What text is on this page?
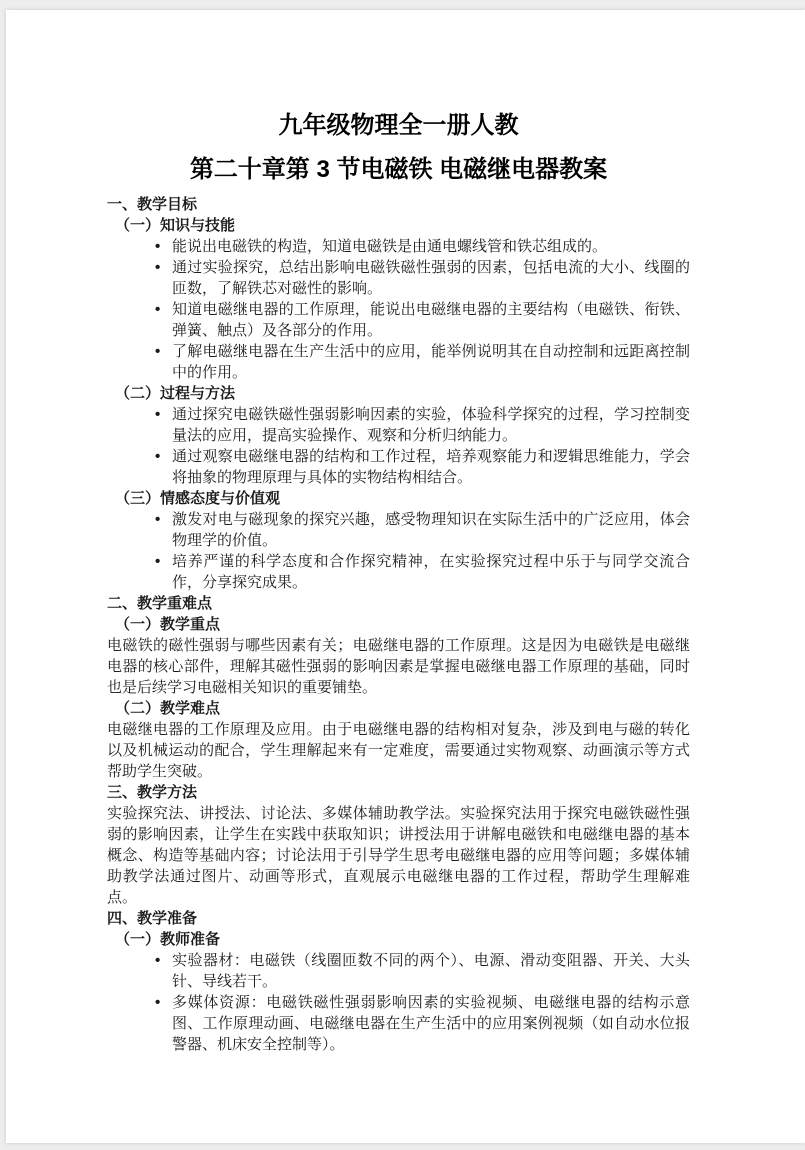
九年级物理全一册人教
第二十章第 3 节电磁铁 电磁继电器教案
一、教学目标
（一）知识与技能
• 能说出电磁铁的构造，知道电磁铁是由通电螺线管和铁芯组成的。
• 通过实验探究，总结出影响电磁铁磁性强弱的因素，包括电流的大小、线圈的匝数，了解铁芯对磁性的影响。
• 知道电磁继电器的工作原理，能说出电磁继电器的主要结构（电磁铁、衔铁、弹簧、触点）及各部分的作用。
• 了解电磁继电器在生产生活中的应用，能举例说明其在自动控制和远距离控制中的作用。
（二）过程与方法
• 通过探究电磁铁磁性强弱影响因素的实验，体验科学探究的过程，学习控制变量法的应用，提高实验操作、观察和分析归纳能力。
• 通过观察电磁继电器的结构和工作过程，培养观察能力和逻辑思维能力，学会将抽象的物理原理与具体的实物结构相结合。
（三）情感态度与价值观
• 激发对电与磁现象的探究兴趣，感受物理知识在实际生活中的广泛应用，体会物理学的价值。
• 培养严谨的科学态度和合作探究精神，在实验探究过程中乐于与同学交流合作，分享探究成果。
二、教学重难点
（一）教学重点
电磁铁的磁性强弱与哪些因素有关；电磁继电器的工作原理。这是因为电磁铁是电磁继电器的核心部件，理解其磁性强弱的影响因素是掌握电磁继电器工作原理的基础，同时也是后续学习电磁相关知识的重要铺垫。
（二）教学难点
电磁继电器的工作原理及应用。由于电磁继电器的结构相对复杂，涉及到电与磁的转化以及机械运动的配合，学生理解起来有一定难度，需要通过实物观察、动画演示等方式帮助学生突破。
三、教学方法
实验探究法、讲授法、讨论法、多媒体辅助教学法。实验探究法用于探究电磁铁磁性强弱的影响因素，让学生在实践中获取知识；讲授法用于讲解电磁铁和电磁继电器的基本概念、构造等基础内容；讨论法用于引导学生思考电磁继电器的应用等问题；多媒体辅助教学法通过图片、动画等形式，直观展示电磁继电器的工作过程，帮助学生理解难点。
四、教学准备
（一）教师准备
• 实验器材：电磁铁（线圈匝数不同的两个）、电源、滑动变阻器、开关、大头针、导线若干。
• 多媒体资源：电磁铁磁性强弱影响因素的实验视频、电磁继电器的结构示意图、工作原理动画、电磁继电器在生产生活中的应用案例视频（如自动水位报警器、机床安全控制等）。
